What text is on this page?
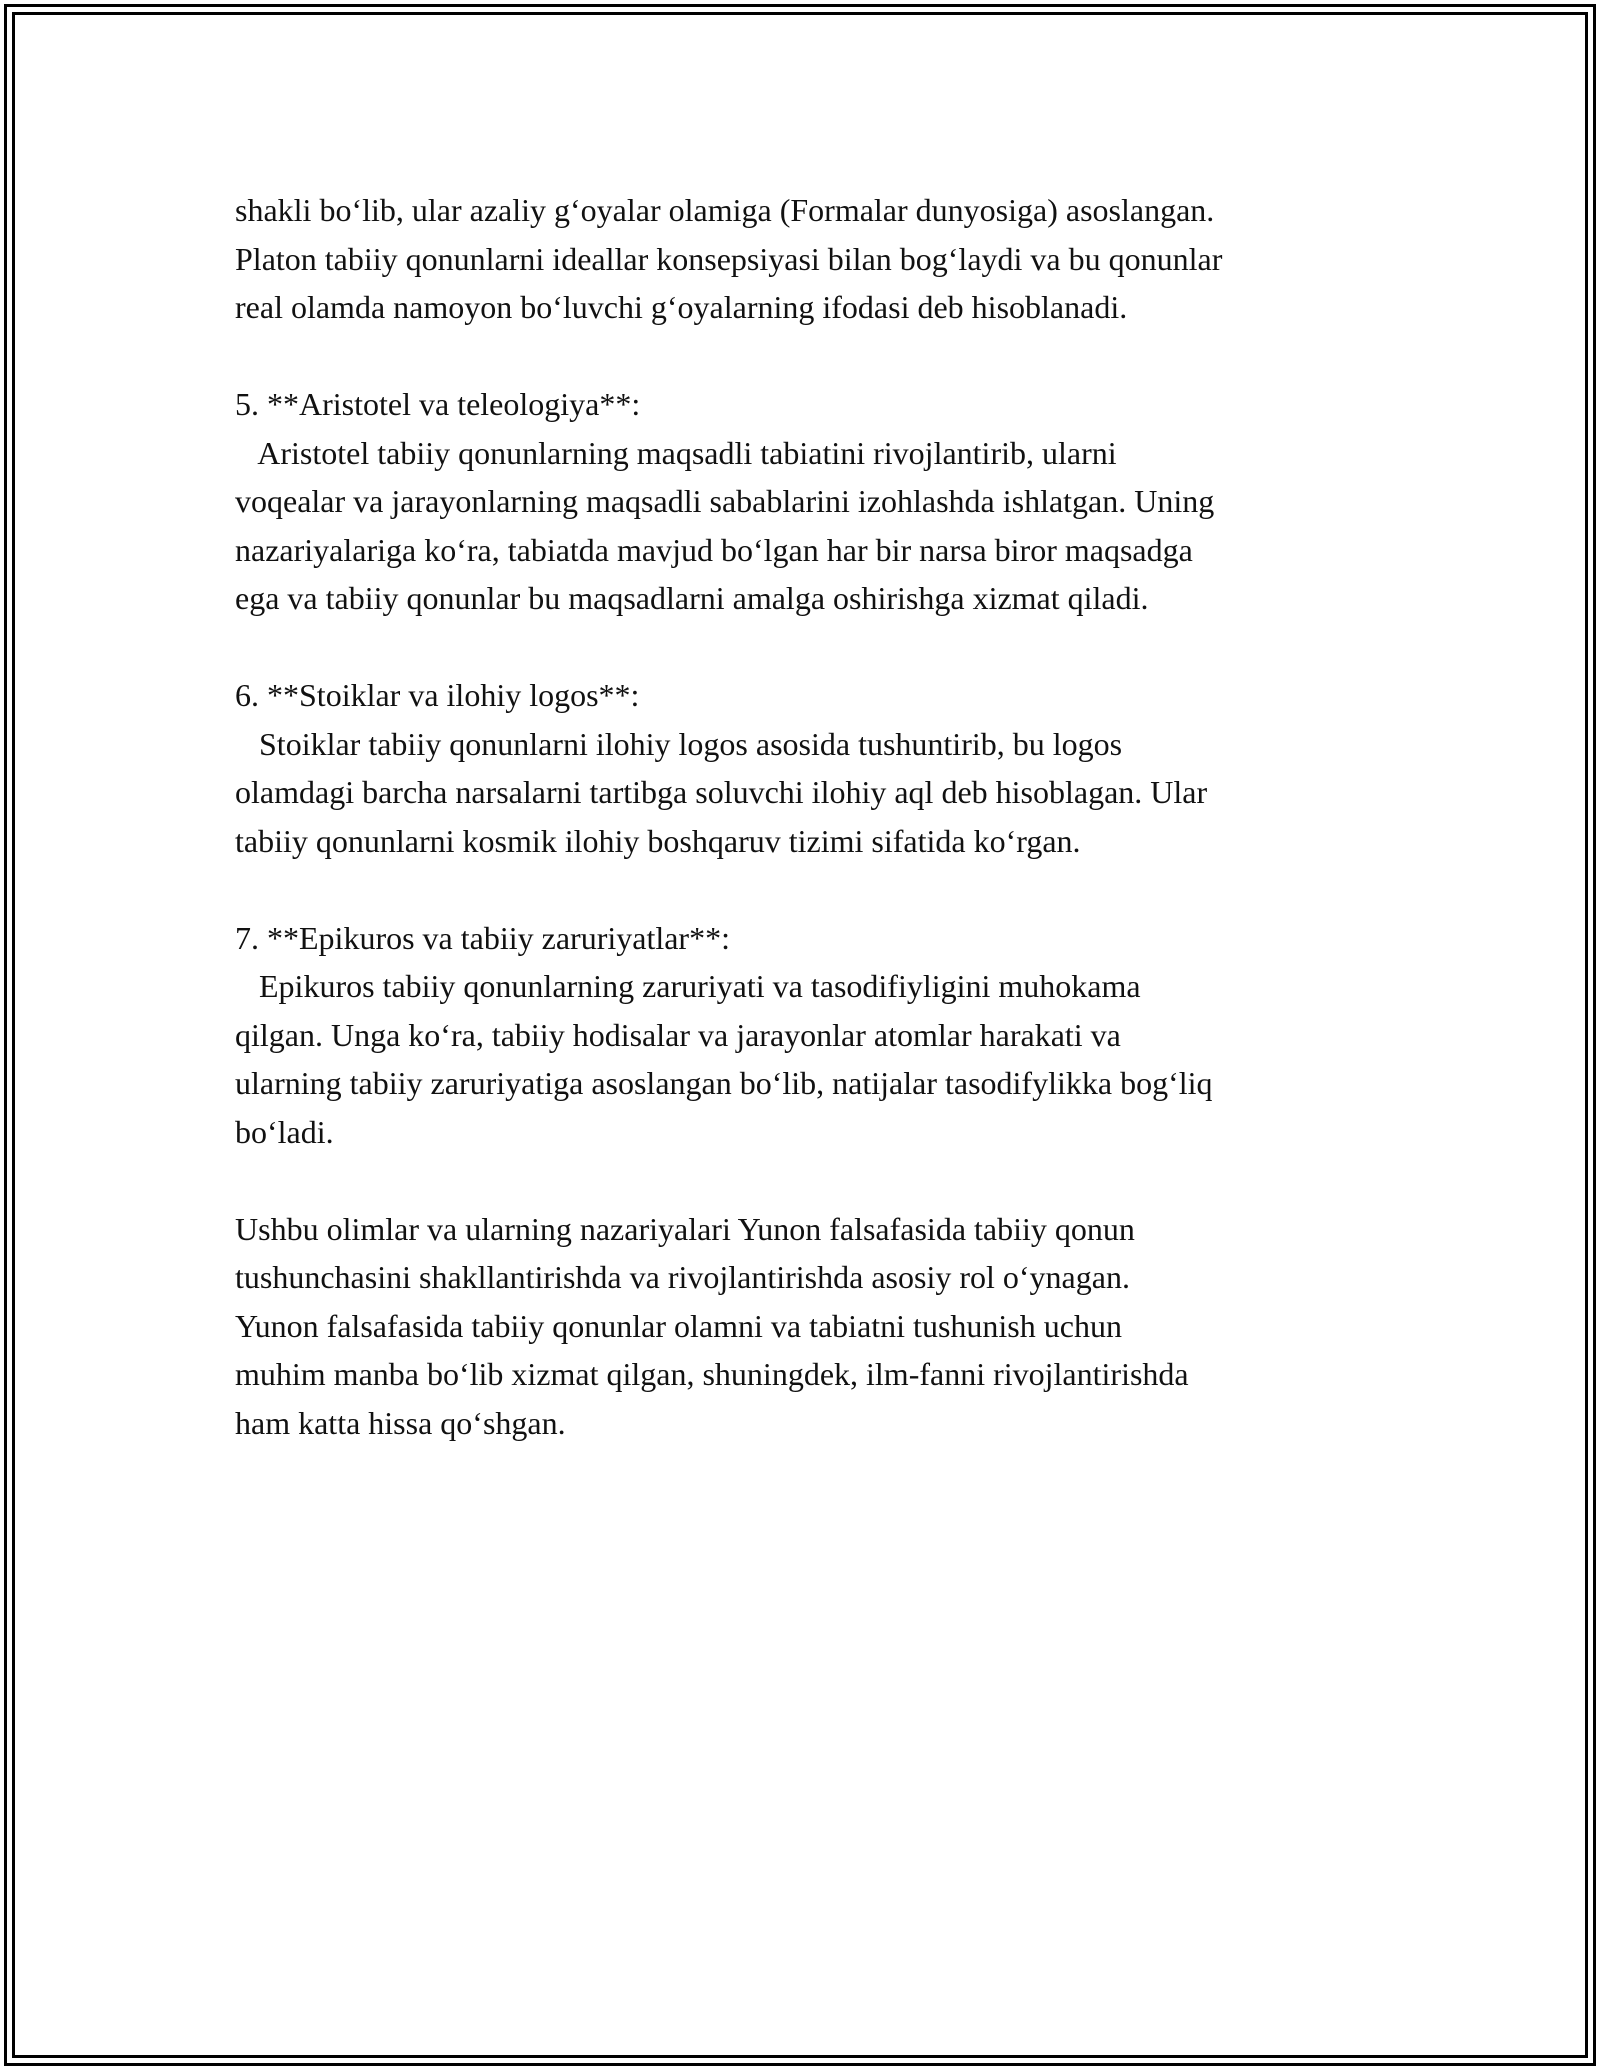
shakli bo‘lib, ular azaliy g‘oyalar olamiga (Formalar dunyosiga) asoslangan.
Platon tabiiy qonunlarni ideallar konsepsiyasi bilan bog‘laydi va bu qonunlar
real olamda namoyon bo‘luvchi g‘oyalarning ifodasi deb hisoblanadi.
5. **Aristotel va teleologiya**:
Aristotel tabiiy qonunlarning maqsadli tabiatini rivojlantirib, ularni
voqealar va jarayonlarning maqsadli sabablarini izohlashda ishlatgan. Uning
nazariyalariga ko‘ra, tabiatda mavjud bo‘lgan har bir narsa biror maqsadga
ega va tabiiy qonunlar bu maqsadlarni amalga oshirishga xizmat qiladi.
6. **Stoiklar va ilohiy logos**:
Stoiklar tabiiy qonunlarni ilohiy logos asosida tushuntirib, bu logos
olamdagi barcha narsalarni tartibga soluvchi ilohiy aql deb hisoblagan. Ular
tabiiy qonunlarni kosmik ilohiy boshqaruv tizimi sifatida ko‘rgan.
7. **Epikuros va tabiiy zaruriyatlar**:
Epikuros tabiiy qonunlarning zaruriyati va tasodifiyligini muhokama
qilgan. Unga ko‘ra, tabiiy hodisalar va jarayonlar atomlar harakati va
ularning tabiiy zaruriyatiga asoslangan bo‘lib, natijalar tasodifylikka bog‘liq
bo‘ladi.
Ushbu olimlar va ularning nazariyalari Yunon falsafasida tabiiy qonun
tushunchasini shakllantirishda va rivojlantirishda asosiy rol o‘ynagan.
Yunon falsafasida tabiiy qonunlar olamni va tabiatni tushunish uchun
muhim manba bo‘lib xizmat qilgan, shuningdek, ilm-fanni rivojlantirishda
ham katta hissa qo‘shgan.
